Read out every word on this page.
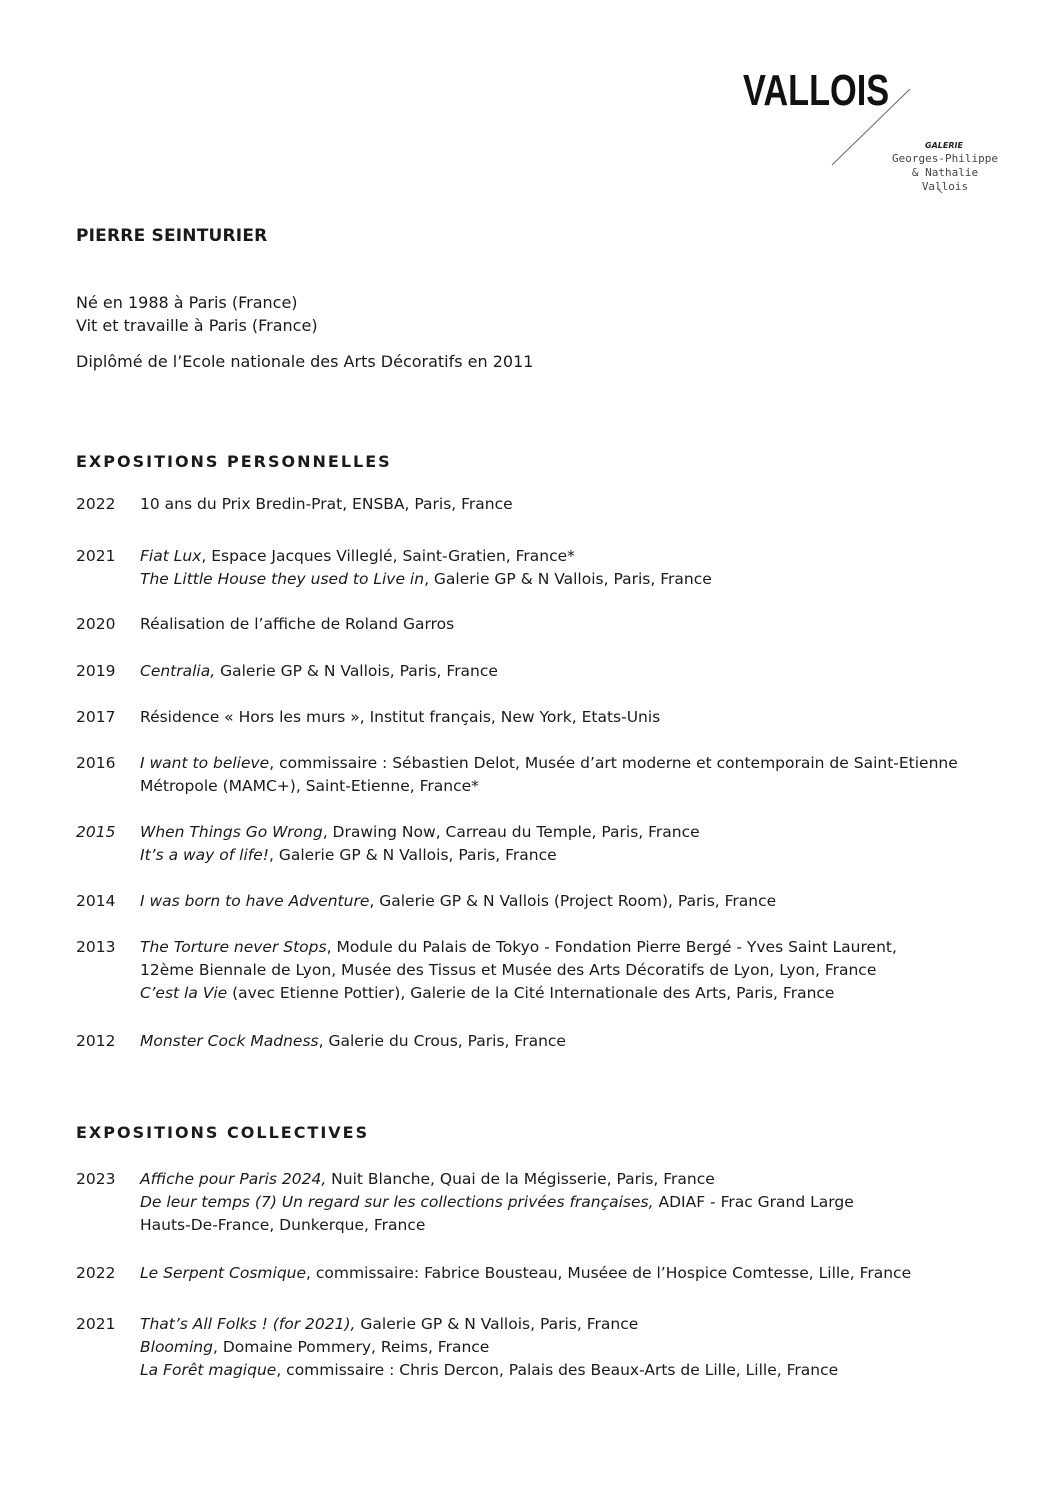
VALLOIS

GALERIE

Georges-Philippe
& Nathalie
Vallois

PIERRE SEINTURIER

Né en 1988 à Paris (France)

Vit et travaille à Paris (France)

Diplômé de l’Ecole nationale des Arts Décoratifs en 2011

EXPOSITIONS PERSONNELLES
2022	10 ans du Prix Bredin-Prat, ENSBA, Paris, France
2021	Fiat Lux, Espace Jacques Villeglé, Saint-Gratien, France*
The Little House they used to Live in, Galerie GP & N Vallois, Paris, France
2020	Réalisation de l’affiche de Roland Garros
2019	Centralia, Galerie GP & N Vallois, Paris, France
2017	Résidence « Hors les murs », Institut français, New York, Etats-Unis
2016	I want to believe, commissaire : Sébastien Delot, Musée d’art moderne et contemporain de Saint-Etienne
Métropole (MAMC+), Saint-Etienne, France*
2015	When Things Go Wrong, Drawing Now, Carreau du Temple, Paris, France
It’s a way of life!, Galerie GP & N Vallois, Paris, France
2014	I was born to have Adventure, Galerie GP & N Vallois (Project Room), Paris, France
2013	The Torture never Stops, Module du Palais de Tokyo - Fondation Pierre Bergé - Yves Saint Laurent,
12ème Biennale de Lyon, Musée des Tissus et Musée des Arts Décoratifs de Lyon, Lyon, France
C’est la Vie (avec Etienne Pottier), Galerie de la Cité Internationale des Arts, Paris, France
2012	Monster Cock Madness, Galerie du Crous, Paris, France
EXPOSITIONS COLLECTIVES
2023	Affiche pour Paris 2024, Nuit Blanche, Quai de la Mégisserie, Paris, France
De leur temps (7) Un regard sur les collections privées françaises, ADIAF - Frac Grand Large
Hauts-De-France, Dunkerque, France
2022	Le Serpent Cosmique, commissaire: Fabrice Bousteau, Muséee de l’Hospice Comtesse, Lille, France
2021	That’s All Folks ! (for 2021), Galerie GP & N Vallois, Paris, France
Blooming, Domaine Pommery, Reims, France
La Forêt magique, commissaire : Chris Dercon, Palais des Beaux-Arts de Lille, Lille, France
